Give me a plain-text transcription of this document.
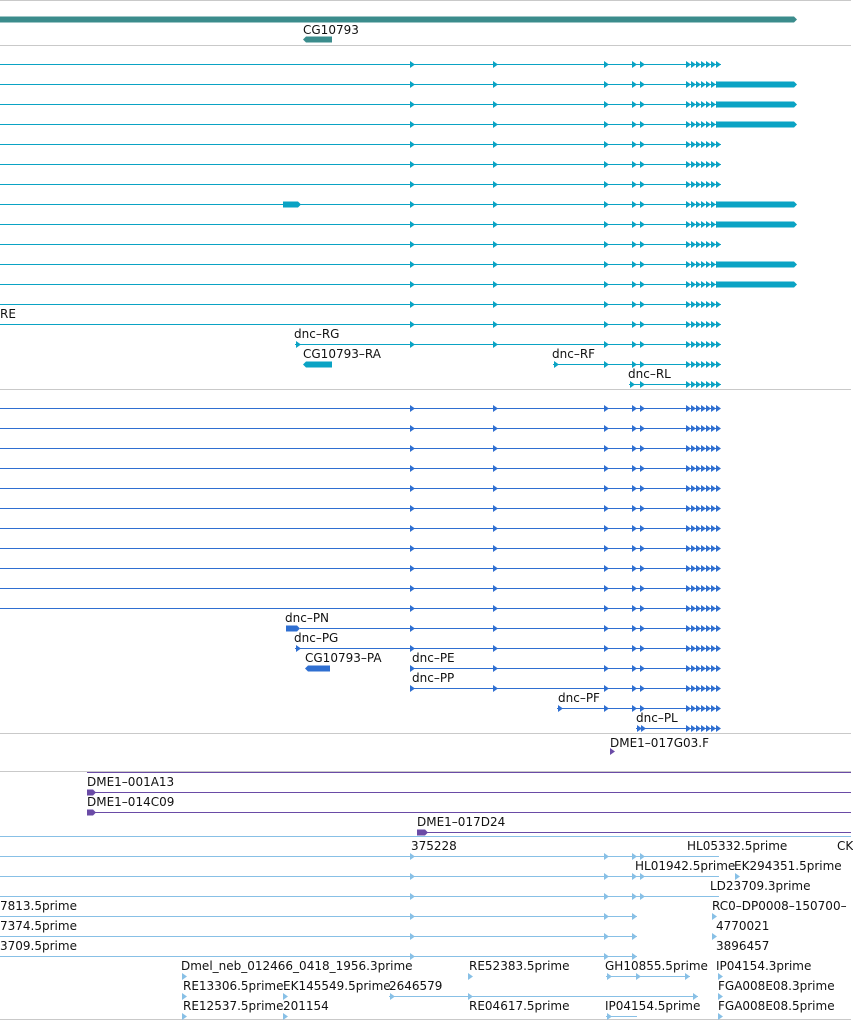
CG10793
RE
dnc–RG
CG10793–RA	dnc–RF
dnc–RL
dnc–PN
dnc–PG
CG10793–PA	dnc–PE
dnc–PP
dnc–PF
dnc–PL
DME1–017G03.F
DME1–001A13
DME1–014C09
DME1–017D24
375228	HL05332.5prime	CK
HL01942.5prime
EK294351.5prime
LD23709.3prime
7813.5prime	RC0–DP0008–150700–
7374.5prime	4770021
3709.5prime	3896457
Dmel_neb_012466_0418_1956.3prime	RE52383.5prime	GH10855.5prime IP04154.3prime
RE13306.5prime EK145549.5prime
2646579	FGA008E08.3prime
RE12537.5prime 201154	RE04617.5prime	IP04154.5prime FGA008E08.5prime
